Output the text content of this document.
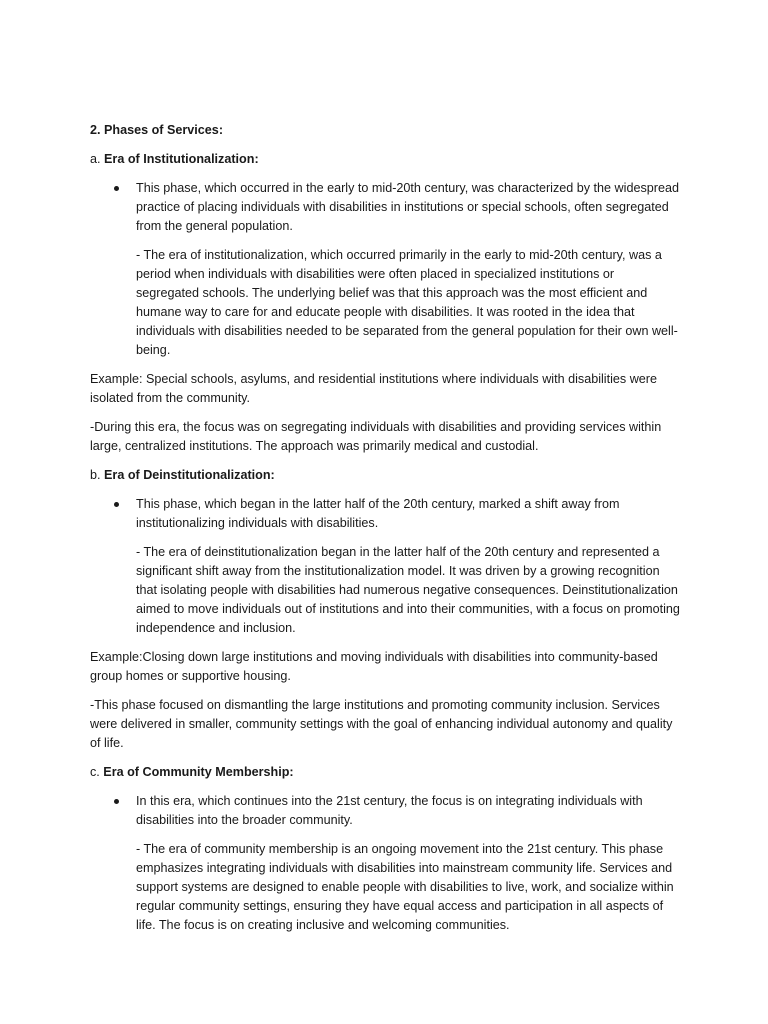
2. Phases of Services:

a. Era of Institutionalization:

This phase, which occurred in the early to mid-20th century, was characterized by the widespread practice of placing individuals with disabilities in institutions or special schools, often segregated from the general population.

- The era of institutionalization, which occurred primarily in the early to mid-20th century, was a period when individuals with disabilities were often placed in specialized institutions or segregated schools. The underlying belief was that this approach was the most efficient and humane way to care for and educate people with disabilities. It was rooted in the idea that individuals with disabilities needed to be separated from the general population for their own well-being.

Example: Special schools, asylums, and residential institutions where individuals with disabilities were isolated from the community.

-During this era, the focus was on segregating individuals with disabilities and providing services within large, centralized institutions. The approach was primarily medical and custodial.

b. Era of Deinstitutionalization:

This phase, which began in the latter half of the 20th century, marked a shift away from institutionalizing individuals with disabilities.

- The era of deinstitutionalization began in the latter half of the 20th century and represented a significant shift away from the institutionalization model. It was driven by a growing recognition that isolating people with disabilities had numerous negative consequences. Deinstitutionalization aimed to move individuals out of institutions and into their communities, with a focus on promoting independence and inclusion.

Example:Closing down large institutions and moving individuals with disabilities into community-based group homes or supportive housing.

-This phase focused on dismantling the large institutions and promoting community inclusion. Services were delivered in smaller, community settings with the goal of enhancing individual autonomy and quality of life.

c. Era of Community Membership:

In this era, which continues into the 21st century, the focus is on integrating individuals with disabilities into the broader community.

- The era of community membership is an ongoing movement into the 21st century. This phase emphasizes integrating individuals with disabilities into mainstream community life. Services and support systems are designed to enable people with disabilities to live, work, and socialize within regular community settings, ensuring they have equal access and participation in all aspects of life. The focus is on creating inclusive and welcoming communities.
